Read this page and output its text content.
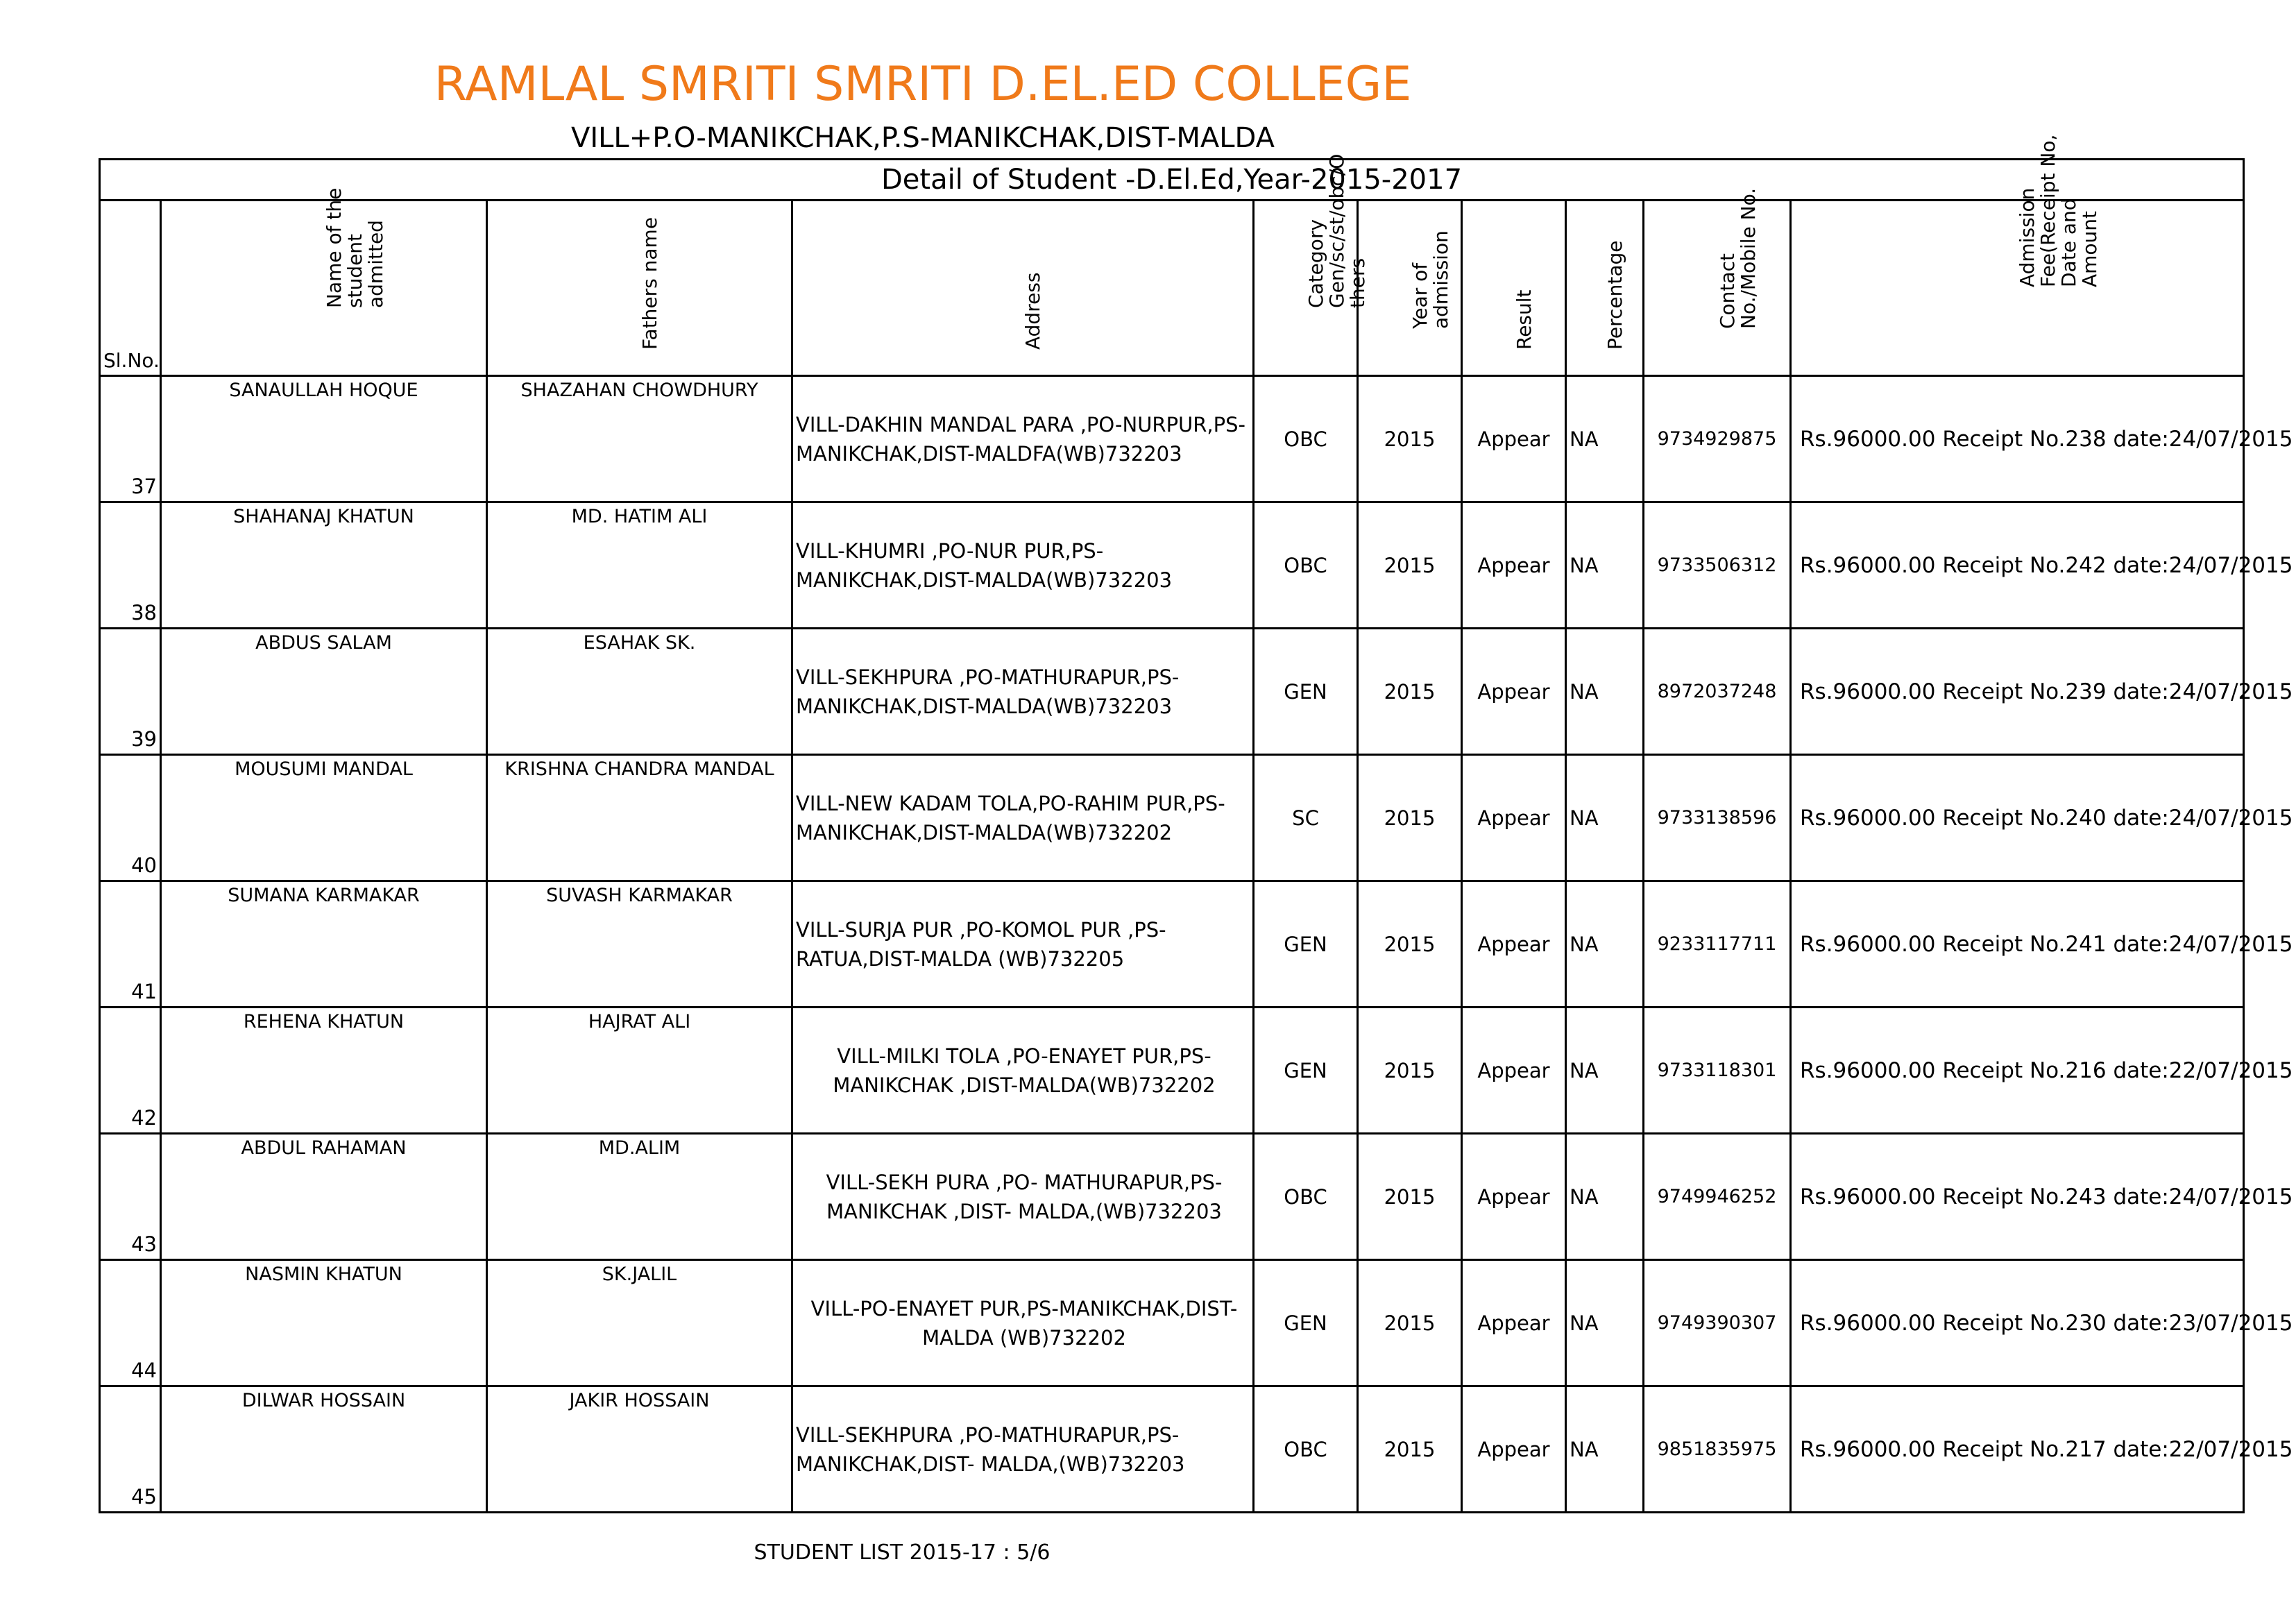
RAMLAL SMRITI SMRITI D.EL.ED COLLEGE
VILL+P.O-MANIKCHAK,P.S-MANIKCHAK,DIST-MALDA
Detail of Student -D.El.Ed,Year-2015-2017									
Sl.No.	Name of the
student admitted	Fathers name	Address	Category
Gen/sc/st/obc/O
thers	Year of admission	Result	Percentage	Contact
No./Mobile No.	Admission
Fee(Receipt No,
Date and Amount

37	SANAULLAH HOQUE	SHAZAHAN CHOWDHURY	VILL-DAKHIN MANDAL PARA ,PO-NURPUR,PS-
MANIKCHAK,DIST-MALDFA(WB)732203	OBC	2015	Appear	NA	9734929875	Rs.96000.00 Receipt No.238 date:24/07/2015
38	SHAHANAJ KHATUN	MD. HATIM ALI	VILL-KHUMRI ,PO-NUR PUR,PS-
MANIKCHAK,DIST-MALDA(WB)732203	OBC	2015	Appear	NA	9733506312	Rs.96000.00 Receipt No.242 date:24/07/2015
39	ABDUS SALAM	ESAHAK SK.	VILL-SEKHPURA ,PO-MATHURAPUR,PS-
MANIKCHAK,DIST-MALDA(WB)732203	GEN	2015	Appear	NA	8972037248	Rs.96000.00 Receipt No.239 date:24/07/2015
40	MOUSUMI MANDAL	KRISHNA CHANDRA MANDAL	VILL-NEW KADAM TOLA,PO-RAHIM PUR,PS-
MANIKCHAK,DIST-MALDA(WB)732202	SC	2015	Appear	NA	9733138596	Rs.96000.00 Receipt No.240 date:24/07/2015
41	SUMANA KARMAKAR	SUVASH KARMAKAR	VILL-SURJA PUR ,PO-KOMOL PUR ,PS-
RATUA,DIST-MALDA (WB)732205	GEN	2015	Appear	NA	9233117711	Rs.96000.00 Receipt No.241 date:24/07/2015
42	REHENA KHATUN	HAJRAT ALI	VILL-MILKI TOLA ,PO-ENAYET PUR,PS-
MANIKCHAK ,DIST-MALDA(WB)732202	GEN	2015	Appear	NA	9733118301	Rs.96000.00 Receipt No.216 date:22/07/2015
43	ABDUL RAHAMAN	MD.ALIM	VILL-SEKH PURA ,PO- MATHURAPUR,PS-
MANIKCHAK ,DIST- MALDA,(WB)732203	OBC	2015	Appear	NA	9749946252	Rs.96000.00 Receipt No.243 date:24/07/2015
44	NASMIN KHATUN	SK.JALIL	VILL-PO-ENAYET PUR,PS-MANIKCHAK,DIST-
MALDA (WB)732202	GEN	2015	Appear	NA	9749390307	Rs.96000.00 Receipt No.230 date:23/07/2015
45	DILWAR HOSSAIN	JAKIR HOSSAIN	VILL-SEKHPURA ,PO-MATHURAPUR,PS-
MANIKCHAK,DIST- MALDA,(WB)732203	OBC	2015	Appear	NA	9851835975	Rs.96000.00 Receipt No.217 date:22/07/2015
STUDENT LIST 2015-17 : 5/6
